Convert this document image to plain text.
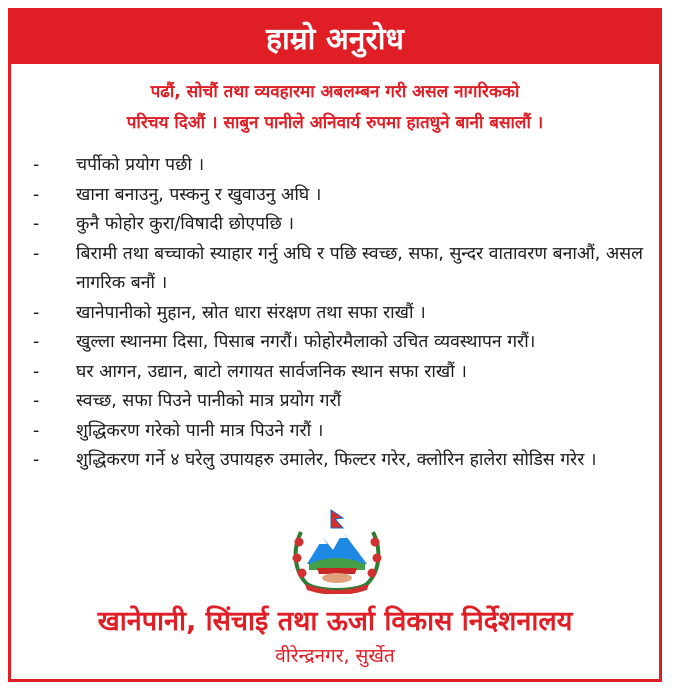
हाम्रो अनुरोध
पढौं, सोचौं तथा व्यवहारमा अबलम्बन गरी असल नागरिकको
परिचय दिऔं । साबुन पानीले अनिवार्य रुपमा हातधुने बानी बसालौं ।
- चर्पीको प्रयोग पछी ।
- खाना बनाउनु, पस्कनु र खुवाउनु अघि ।
- कुनै फोहोर कुरा/विषादी छोएपछि ।
- बिरामी तथा बच्चाको स्याहार गर्नु अघि र पछि स्वच्छ, सफा, सुन्दर वातावरण बनाऔं, असल नागरिक बनौं ।
- खानेपानीको मुहान, स्रोत धारा संरक्षण तथा सफा राखौं ।
- खुल्ला स्थानमा दिसा, पिसाब नगरौं। फोहोरमैलाको उचित व्यवस्थापन गरौं।
- घर आगन, उद्यान, बाटो लगायत सार्वजनिक स्थान सफा राखौं ।
- स्वच्छ, सफा पिउने पानीको मात्र प्रयोग गरौं
- शुद्धिकरण गरेको पानी मात्र पिउने गरौं ।
- शुद्धिकरण गर्ने ४ घरेलु उपायहरु उमालेर, फिल्टर गरेर, क्लोरिन हालेरा सोडिस गरेर ।
खानेपानी, सिंचाई तथा ऊर्जा विकास निर्देशनालय
वीरेन्द्रनगर, सुर्खेत
